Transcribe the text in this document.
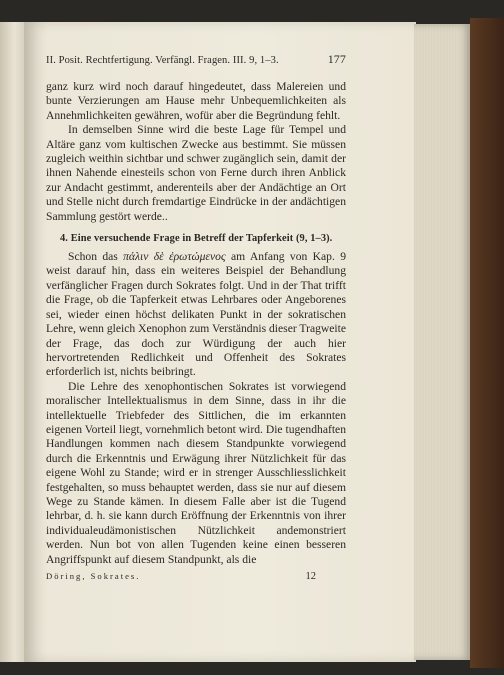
II. Posit. Rechtfertigung. Verfängl. Fragen. III. 9, 1–3.	177

ganz kurz wird noch darauf hingedeutet, dass Malereien und bunte Verzierungen am Hause mehr Unbequemlichkeiten als Annehmlichkeiten gewähren, wofür aber die Begründung fehlt.

In demselben Sinne wird die beste Lage für Tempel und Altäre ganz vom kultischen Zwecke aus bestimmt. Sie müssen zugleich weithin sichtbar und schwer zugänglich sein, damit der ihnen Nahende einesteils schon von Ferne durch ihren Anblick zur Andacht gestimmt, anderenteils aber der Andächtige an Ort und Stelle nicht durch fremdartige Eindrücke in der andächtigen Sammlung gestört werde..

4. Eine versuchende Frage in Betreff der Tapferkeit (9, 1–3).

Schon das πάλιν δὲ ἐρωτώμενος am Anfang von Kap. 9 weist darauf hin, dass ein weiteres Beispiel der Behandlung verfänglicher Fragen durch Sokrates folgt. Und in der That trifft die Frage, ob die Tapferkeit etwas Lehrbares oder Angeborenes sei, wieder einen höchst delikaten Punkt in der sokratischen Lehre, wenn gleich Xenophon zum Verständnis dieser Tragweite der Frage, das doch zur Würdigung der auch hier hervortretenden Redlichkeit und Offenheit des Sokrates erforderlich ist, nichts beibringt.

Die Lehre des xenophontischen Sokrates ist vorwiegend moralischer Intellektualismus in dem Sinne, dass in ihr die intellektuelle Triebfeder des Sittlichen, die im erkannten eigenen Vorteil liegt, vornehmlich betont wird. Die tugendhaften Handlungen kommen nach diesem Standpunkte vorwiegend durch die Erkenntnis und Erwägung ihrer Nützlichkeit für das eigene Wohl zu Stande; wird er in strenger Ausschliesslichkeit festgehalten, so muss behauptet werden, dass sie nur auf diesem Wege zu Stande kämen. In diesem Falle aber ist die Tugend lehrbar, d. h. sie kann durch Eröffnung der Erkenntnis von ihrer individualeudämonistischen Nützlichkeit andemonstriert werden. Nun bot von allen Tugenden keine einen besseren Angriffspunkt auf diesem Standpunkt, als die

Döring, Sokrates.	12
